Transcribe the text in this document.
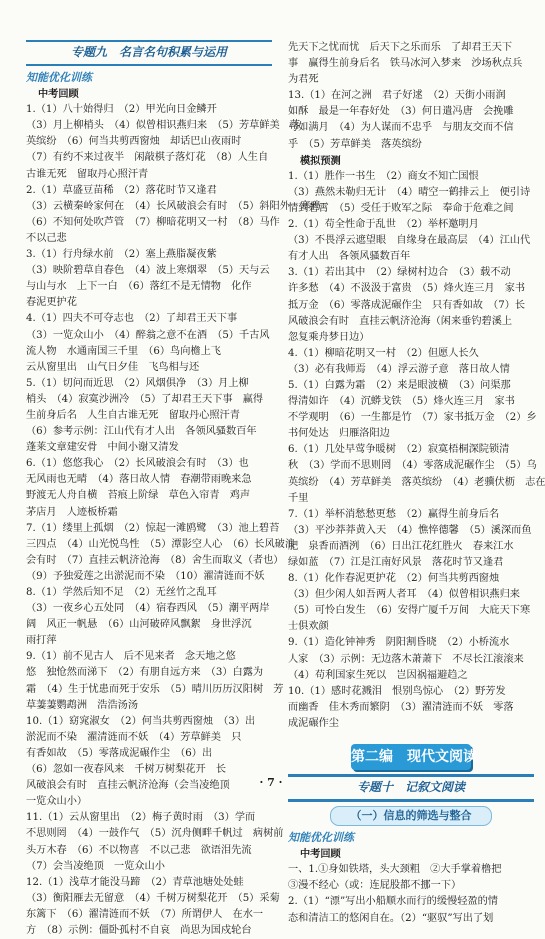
专题九　名言名句积累与运用
知能优化训练
中考回顾
1.（1）八十始得归　（2）甲光向日金鳞开
（3）月上柳梢头　（4）似曾相识燕归来　（5）芳草鲜美　落
英缤纷　（6）何当共剪西窗烛　却话巴山夜雨时
（7）有约不来过夜半　闲敲棋子落灯花　（8）人生自
古谁无死　留取丹心照汗青
2.（1）草盛豆苗稀　（2）落花时节又逢君
（3）云横秦岭家何在　（4）长风破浪会有时　（5）斜阳外　寒鸦
（6）不知何处吹芦管　（7）柳暗花明又一村　（8）马作
不以己悲
3.（1）行舟绿水前　（2）塞上燕脂凝夜紫
（3）映阶碧草自春色　（4）波上寒烟翠　（5）天与云
与山与水　上下一白　（6）落红不是无情物　化作
春泥更护花
4.（1）四夫不可夺志也　（2）了却君王天下事
（3）一览众山小　（4）醉翁之意不在酒　（5）千古风
流人物　水通南国三千里　（6）鸟向檐上飞
云从窗里出　山气日夕佳　飞鸟相与还
5.（1）切问而近思　（2）风烟俱净　（3）月上柳
梢头　（4）寂寞沙洲冷　（5）了却君王天下事　赢得
生前身后名　人生自古谁无死　留取丹心照汗青
（6）参考示例：江山代有才人出　各领风骚数百年
蓬莱文章建安骨　中间小谢又清发
6.（1）悠悠我心　（2）长风破浪会有时　（3）也
无风雨也无晴　（4）落日故人情　春潮带雨晚来急
野渡无人舟自横　苔痕上阶绿　草色入帘青　鸡声
茅店月　人迹板桥霜
7.（1）缕里上孤烟　（2）惊起一滩鸥鹭　（3）池上碧苔
三四点　（4）山光悦鸟性　（5）潭影空人心　（6）长风破浪
会有时　（7）直挂云帆济沧海　（8）舍生而取义（者也）
（9）予独爱莲之出淤泥而不染　（10）濯清涟而不妖
8.（1）学然后知不足　（2）无丝竹之乱耳
（3）一夜乡心五处同　（4）宿春西风　（5）潮平两岸
阔　风正一帆悬　（6）山河破碎风飘絮　身世浮沉
雨打萍
9.（1）前不见古人　后不见来者　念天地之悠
悠　独怆然而涕下　（2）有朋自远方来　（3）白露为
霜　（4）生于忧患而死于安乐　（5）晴川历历汉阳树　芳
草萋萋鹦鹉洲　浩浩汤汤
10.（1）窈窕淑女　（2）何当共剪西窗烛　（3）出
淤泥而不染　濯清涟而不妖　（4）芳草鲜美　只
有香如故　（5）零落成泥碾作尘　（6）出
（6）忽如一夜春风来　千树万树梨花开　长
风破浪会有时　直挂云帆济沧海（会当凌绝顶
一览众山小）
11.（1）云从窗里出　（2）梅子黄时雨　（3）学而
不思则罔　（4）一鼓作气　（5）沉舟侧畔千帆过　病树前
头万木春　（6）不以物喜　不以己悲　欲语泪先流
（7）会当凌绝顶　一览众山小
12.（1）浅草才能没马蹄　（2）青草池塘处处蛙
（3）衡阳雁去无留意　（4）千树万树梨花开　（5）采菊
东篱下　（6）濯清涟而不妖　（7）所谓伊人　在水一
方　（8）示例：僵卧孤村不自哀　尚思为国戍轮台
先天下之忧而忧　后天下之乐而乐　了却君王天下
事　赢得生前身后名　铁马冰河入梦来　沙场秋点兵
为君死
13.（1）在河之洲　君子好逑　（2）天街小雨润
如酥　最是一年春好处　（3）何日遣冯唐　会挽雕
弓如满月　（4）为人谋而不忠乎　与朋友交而不信
乎　（5）芳草鲜美　落英缤纷
模拟预测
1.（1）胜作一书生　（2）商女不知亡国恨
（3）燕然未勒归无计　（4）晴空一鹤排云上　便引诗
情到碧霄　（5）受任于败军之际　奉命于危难之间
2.（1）苟全性命于乱世　（2）举杯邀明月
（3）不畏浮云遮望眼　自缘身在最高层　（4）江山代
有才人出　各领风骚数百年
3.（1）若出其中　（2）绿树村边合　（3）载不动
许多愁　（4）不汲汲于富贵　（5）烽火连三月　家书
抵万金　（6）零落成泥碾作尘　只有香如故　（7）长
风破浪会有时　直挂云帆济沧海（闲来垂钓碧溪上
忽复乘舟梦日边）
4.（1）柳暗花明又一村　（2）但愿人长久
（3）必有我师焉　（4）浮云游子意　落日故人情
5.（1）白露为霜　（2）来是眼波横　（3）问渠那
得清如许　（4）沉蟒戈铁　（5）烽火连三月　家书
不学观明　（6）一生都是竹　（7）家书抵万金　（2）乡
书何处达　归雁洛阳边
6.（1）几处早莺争暖树　（2）寂寞梧桐深院锁清
秋　（3）学而不思则罔　（4）零落成泥碾作尘　（5）乌
英缤纷　（4）芳草鲜美　落英缤纷　（4）老骥伏枥　志在
千里
7.（1）举杯消愁愁更愁　（2）赢得生前身后名
（3）平沙莽莽黄入天　（4）憔悴德馨　（5）溪深而鱼
肥　泉香而酒洌　（6）日出江花红胜火　春来江水
绿如蓝　（7）江是江南好风景　落花时节又逢君
8.（1）化作春泥更护花　（2）何当共剪西窗烛
（3）但少闲人如吾两人者耳　（4）似曾相识燕归来
（5）可怜白发生　（6）安得广厦千万间　大庇天下寒
士俱欢颜
9.（1）造化钟神秀　阴阳割昏晓　（2）小桥流水
人家　（3）示例：无边落木萧萧下　不尽长江滚滚来
（4）苟利国家生死以　岂因祸福避趋之
10.（1）感时花溅泪　恨别鸟惊心　（2）野芳发
而幽香　佳木秀而繁阴　（3）濯清涟而不妖　零落
成泥碾作尘
第二编　现代文阅读
专题十　记叙文阅读
（一）信息的筛选与整合
知能优化训练
中考回顾
一、1.①身如铁塔，头大颈粗　②大手掌着橹把
③漫不经心（或：连屁股都不挪一下）
2.（1）“漂”写出小船顺水而行的缓慢轻盈的情
态和清洁工的悠闲自在。（2）“驱驭”写出了划
· 7 ·
